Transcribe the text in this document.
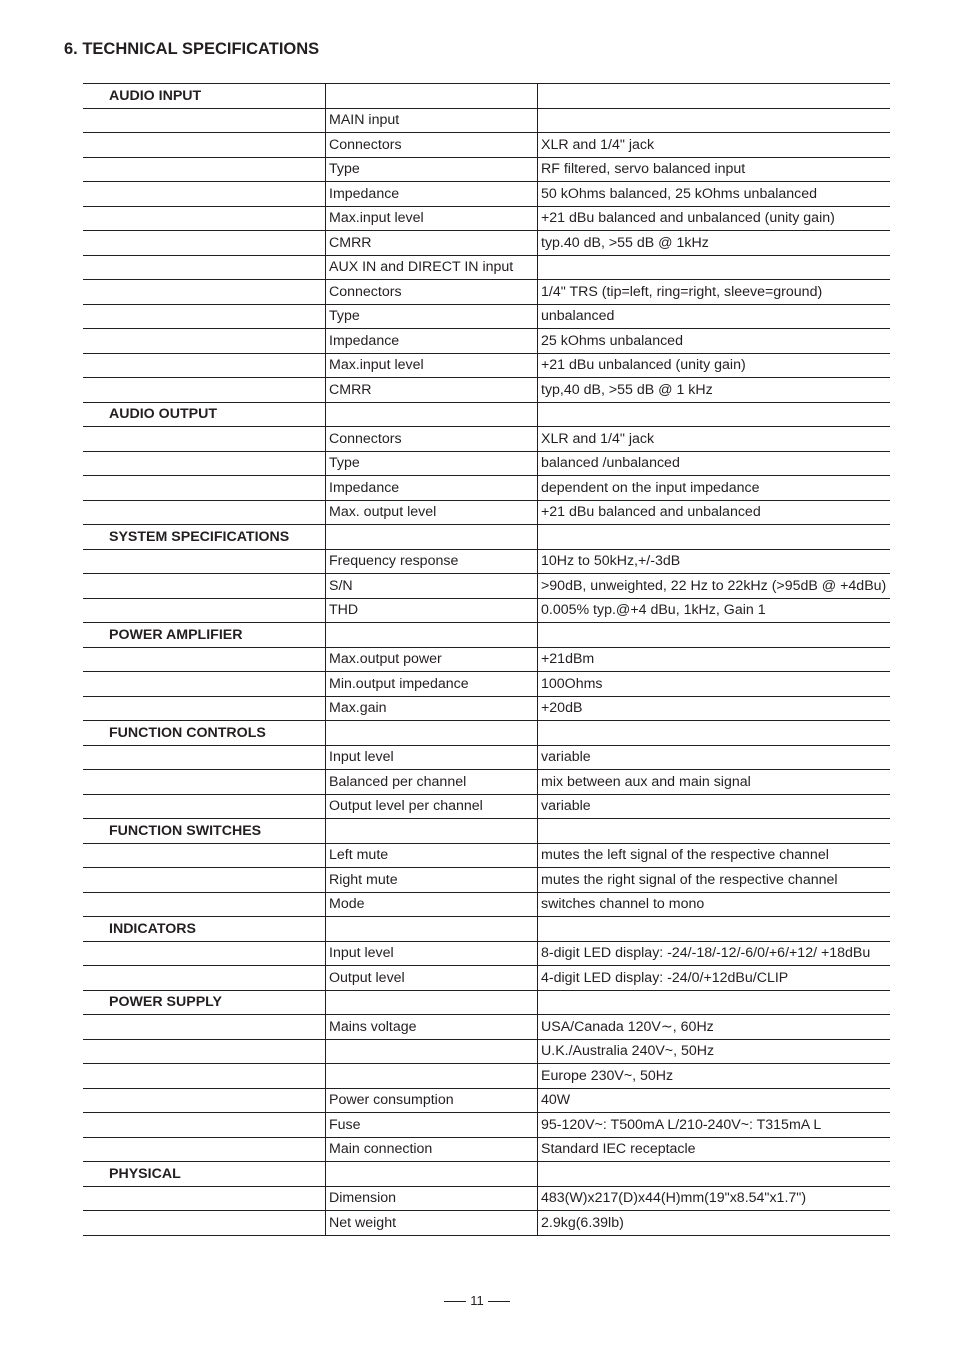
6. TECHNICAL SPECIFICATIONS
AUDIO INPUT		
	MAIN input	
	Connectors	XLR and 1/4" jack
	Type	RF filtered, servo balanced input
	Impedance	50 kOhms balanced, 25 kOhms unbalanced
	Max.input level	+21 dBu balanced and unbalanced (unity gain)
	CMRR	typ.40 dB, >55 dB @ 1kHz
	AUX IN and DIRECT IN input	
	Connectors	1/4" TRS (tip=left, ring=right, sleeve=ground)
	Type	unbalanced
	Impedance	25 kOhms unbalanced
	Max.input level	+21 dBu unbalanced (unity gain)
	CMRR	typ,40 dB, >55 dB @ 1 kHz
AUDIO OUTPUT		
	Connectors	XLR and 1/4" jack
	Type	balanced /unbalanced
	Impedance	dependent on the input impedance
	Max. output level	+21 dBu balanced and unbalanced
SYSTEM SPECIFICATIONS		
	Frequency response	10Hz to 50kHz,+/-3dB
	S/N	>90dB, unweighted, 22 Hz to 22kHz (>95dB @ +4dBu)
	THD	0.005% typ.@+4 dBu, 1kHz, Gain 1
POWER AMPLIFIER		
	Max.output power	+21dBm
	Min.output impedance	100Ohms
	Max.gain	+20dB
FUNCTION CONTROLS		
	Input level	variable
	Balanced per channel	mix between aux and main signal
	Output level per channel	variable
FUNCTION SWITCHES		
	Left mute	mutes the left signal of the respective channel
	Right mute	mutes the right signal of the respective channel
	Mode	switches channel to mono
INDICATORS		
	Input level	8-digit LED display: -24/-18/-12/-6/0/+6/+12/ +18dBu
	Output level	4-digit LED display: -24/0/+12dBu/CLIP
POWER SUPPLY		
	Mains voltage	USA/Canada 120V∼, 60Hz
		U.K./Australia 240V~, 50Hz
		Europe 230V~, 50Hz
	Power consumption	40W
	Fuse	95-120V~: T500mA L/210-240V~: T315mA L
	Main connection	Standard IEC receptacle
PHYSICAL		
	Dimension	483(W)x217(D)x44(H)mm(19"x8.54"x1.7")
	Net weight	2.9kg(6.39lb)
11
